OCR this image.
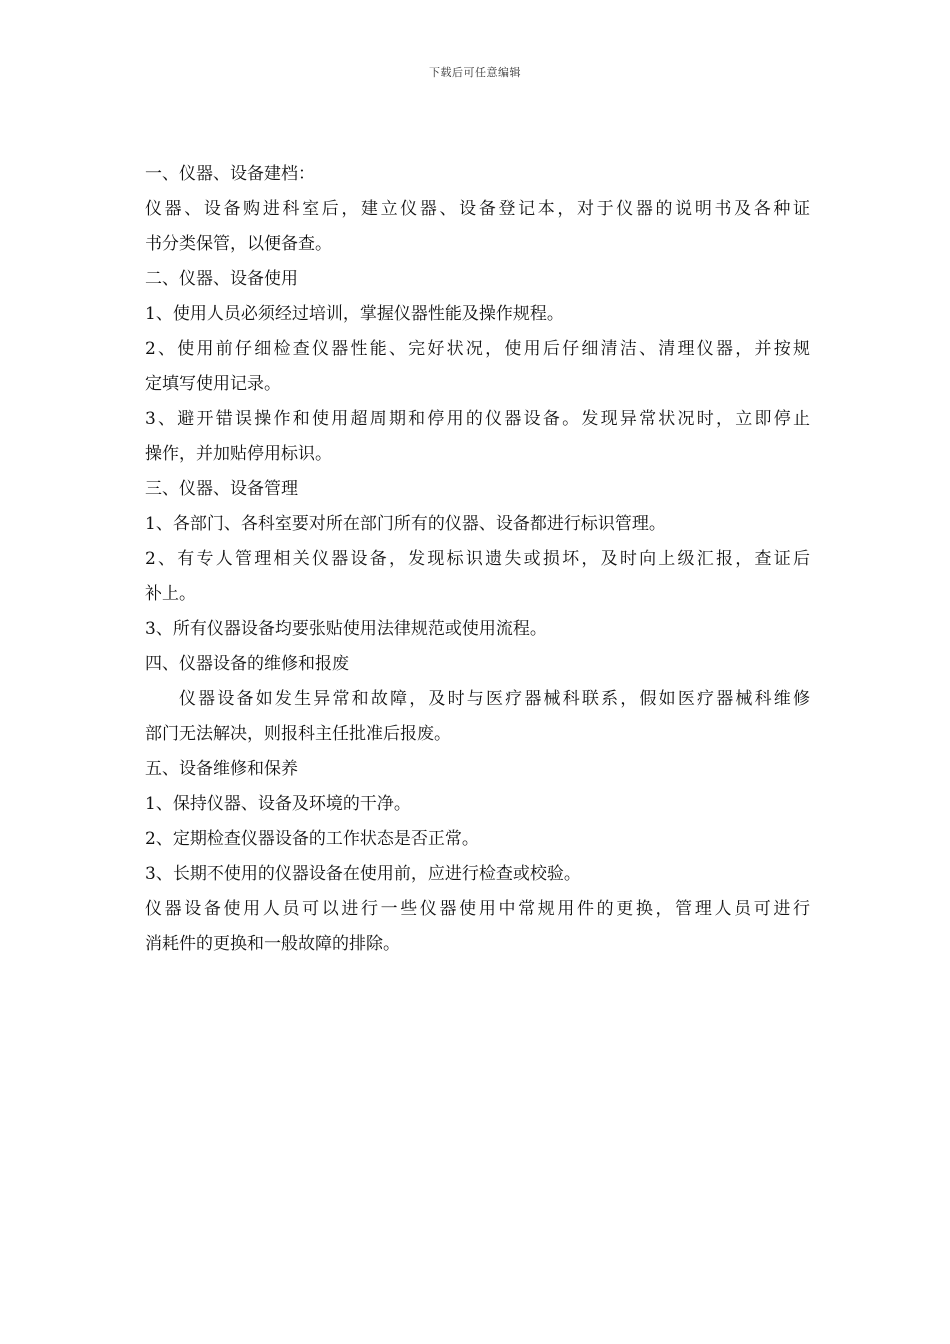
下载后可任意编辑
一、仪器、设备建档：
仪器、设备购进科室后，建立仪器、设备登记本，对于仪器的说明书及各种证
书分类保管，以便备查。
二、仪器、设备使用
1、使用人员必须经过培训，掌握仪器性能及操作规程。
2、使用前仔细检查仪器性能、完好状况，使用后仔细清洁、清理仪器，并按规
定填写使用记录。
3、避开错误操作和使用超周期和停用的仪器设备。发现异常状况时，立即停止
操作，并加贴停用标识。
三、仪器、设备管理
1、各部门、各科室要对所在部门所有的仪器、设备都进行标识管理。
2、有专人管理相关仪器设备，发现标识遗失或损坏，及时向上级汇报，查证后
补上。
3、所有仪器设备均要张贴使用法律规范或使用流程。
四、仪器设备的维修和报废
仪器设备如发生异常和故障，及时与医疗器械科联系，假如医疗器械科维修
部门无法解决，则报科主任批准后报废。
五、设备维修和保养
1、保持仪器、设备及环境的干净。
2、定期检查仪器设备的工作状态是否正常。
3、长期不使用的仪器设备在使用前，应进行检查或校验。
仪器设备使用人员可以进行一些仪器使用中常规用件的更换，管理人员可进行
消耗件的更换和一般故障的排除。
